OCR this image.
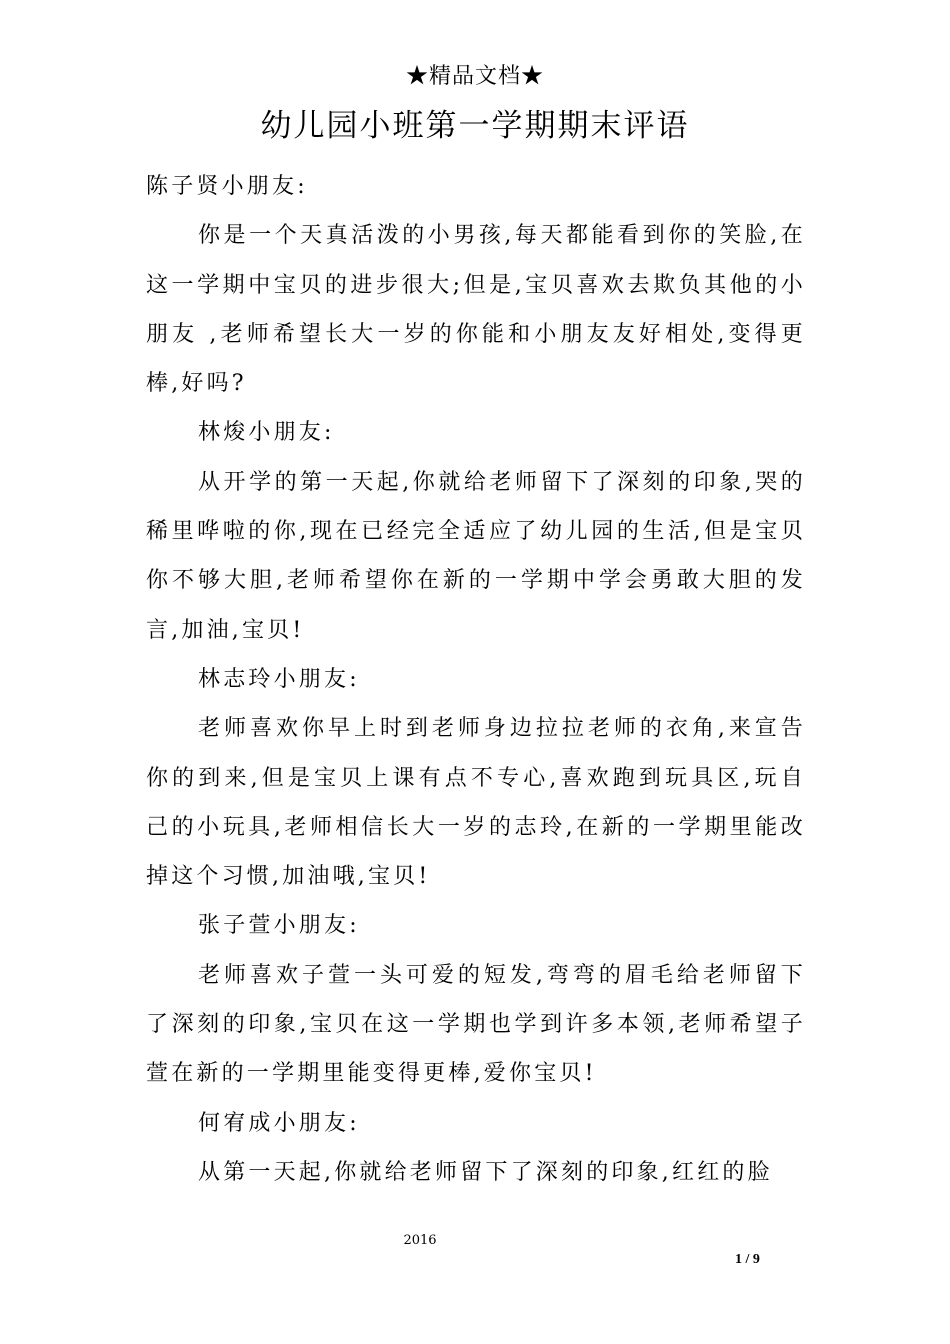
★精品文档★
幼儿园小班第一学期期末评语

陈子贤小朋友:

你是一个天真活泼的小男孩,每天都能看到你的笑脸,在这一学期中宝贝的进步很大;但是,宝贝喜欢去欺负其他的小朋友 ,老师希望长大一岁的你能和小朋友友好相处,变得更棒,好吗?

林焌小朋友:

从开学的第一天起,你就给老师留下了深刻的印象,哭的稀里哗啦的你,现在已经完全适应了幼儿园的生活,但是宝贝你不够大胆,老师希望你在新的一学期中学会勇敢大胆的发言,加油,宝贝!

林志玲小朋友:

老师喜欢你早上时到老师身边拉拉老师的衣角,来宣告你的到来,但是宝贝上课有点不专心,喜欢跑到玩具区,玩自己的小玩具,老师相信长大一岁的志玲,在新的一学期里能改掉这个习惯,加油哦,宝贝!

张子萱小朋友:

老师喜欢子萱一头可爱的短发,弯弯的眉毛给老师留下了深刻的印象,宝贝在这一学期也学到许多本领,老师希望子萱在新的一学期里能变得更棒,爱你宝贝!

何宥成小朋友:

从第一天起,你就给老师留下了深刻的印象,红红的脸

2016
1 / 9
